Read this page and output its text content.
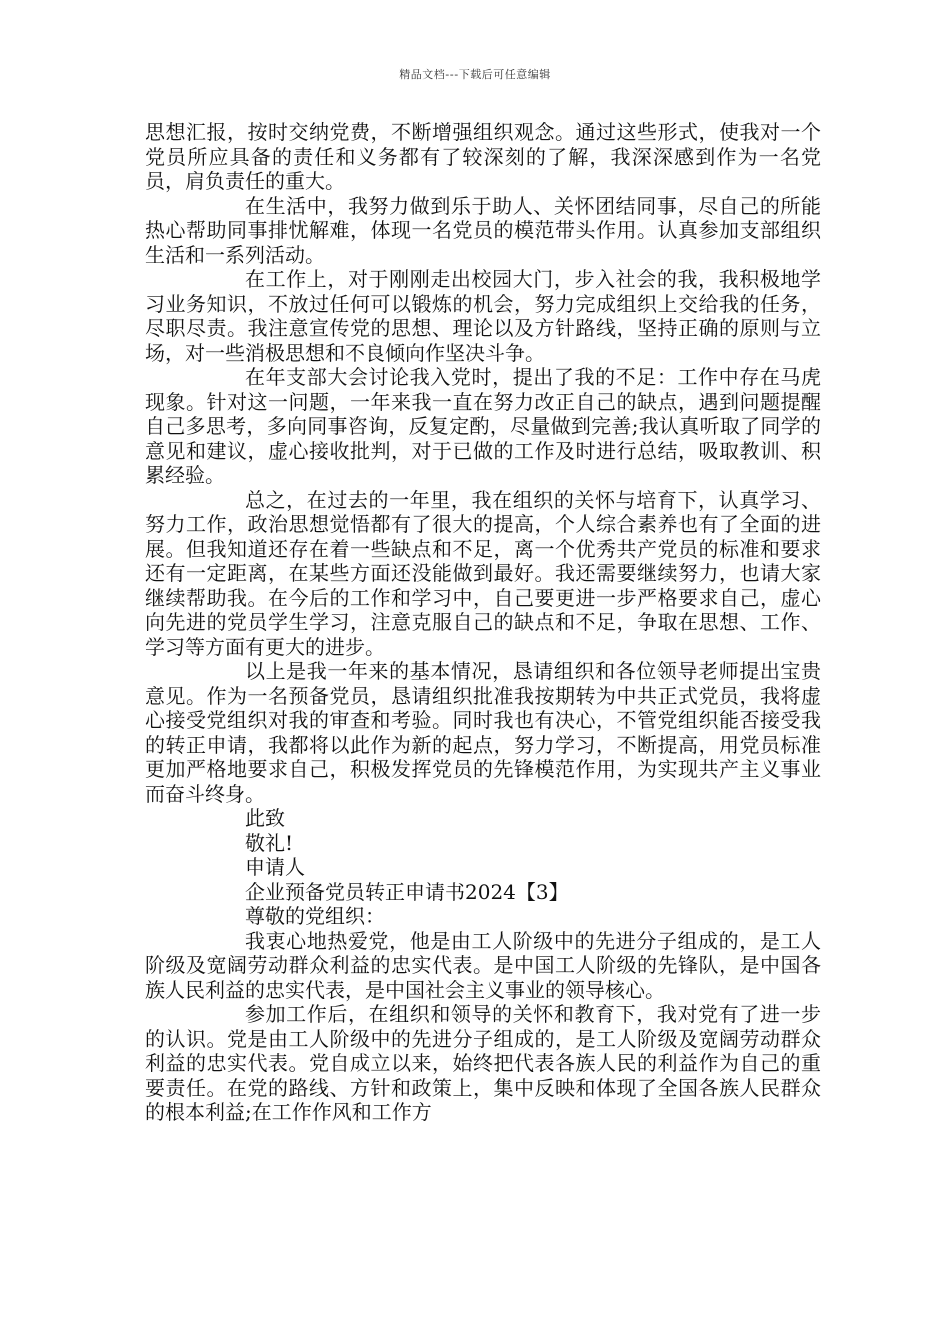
精品文档---下载后可任意编辑

思想汇报，按时交纳党费，不断增强组织观念。通过这些形式，使我对一个党员所应具备的责任和义务都有了较深刻的了解，我深深感到作为一名党员，肩负责任的重大。

在生活中，我努力做到乐于助人、关怀团结同事，尽自己的所能热心帮助同事排忧解难，体现一名党员的模范带头作用。认真参加支部组织生活和一系列活动。

在工作上，对于刚刚走出校园大门，步入社会的我，我积极地学习业务知识，不放过任何可以锻炼的机会，努力完成组织上交给我的任务，尽职尽责。我注意宣传党的思想、理论以及方针路线，坚持正确的原则与立场，对一些消极思想和不良倾向作坚决斗争。

在年支部大会讨论我入党时，提出了我的不足：工作中存在马虎现象。针对这一问题，一年来我一直在努力改正自己的缺点，遇到问题提醒自己多思考，多向同事咨询，反复定酌，尽量做到完善;我认真听取了同学的意见和建议，虚心接收批判，对于已做的工作及时进行总结，吸取教训、积累经验。

总之，在过去的一年里，我在组织的关怀与培育下，认真学习、努力工作，政治思想觉悟都有了很大的提高，个人综合素养也有了全面的进展。但我知道还存在着一些缺点和不足，离一个优秀共产党员的标准和要求还有一定距离，在某些方面还没能做到最好。我还需要继续努力，也请大家继续帮助我。在今后的工作和学习中，自己要更进一步严格要求自己，虚心向先进的党员学生学习，注意克服自己的缺点和不足，争取在思想、工作、学习等方面有更大的进步。

以上是我一年来的基本情况，恳请组织和各位领导老师提出宝贵意见。作为一名预备党员，恳请组织批准我按期转为中共正式党员，我将虚心接受党组织对我的审查和考验。同时我也有决心，不管党组织能否接受我的转正申请，我都将以此作为新的起点，努力学习，不断提高，用党员标准更加严格地要求自己，积极发挥党员的先锋模范作用，为实现共产主义事业而奋斗终身。

此致

敬礼!

申请人

企业预备党员转正申请书2024【3】

尊敬的党组织：

我衷心地热爱党，他是由工人阶级中的先进分子组成的，是工人阶级及宽阔劳动群众利益的忠实代表。是中国工人阶级的先锋队，是中国各族人民利益的忠实代表，是中国社会主义事业的领导核心。

参加工作后，在组织和领导的关怀和教育下，我对党有了进一步的认识。党是由工人阶级中的先进分子组成的，是工人阶级及宽阔劳动群众利益的忠实代表。党自成立以来，始终把代表各族人民的利益作为自己的重要责任。在党的路线、方针和政策上，集中反映和体现了全国各族人民群众的根本利益;在工作作风和工作方
